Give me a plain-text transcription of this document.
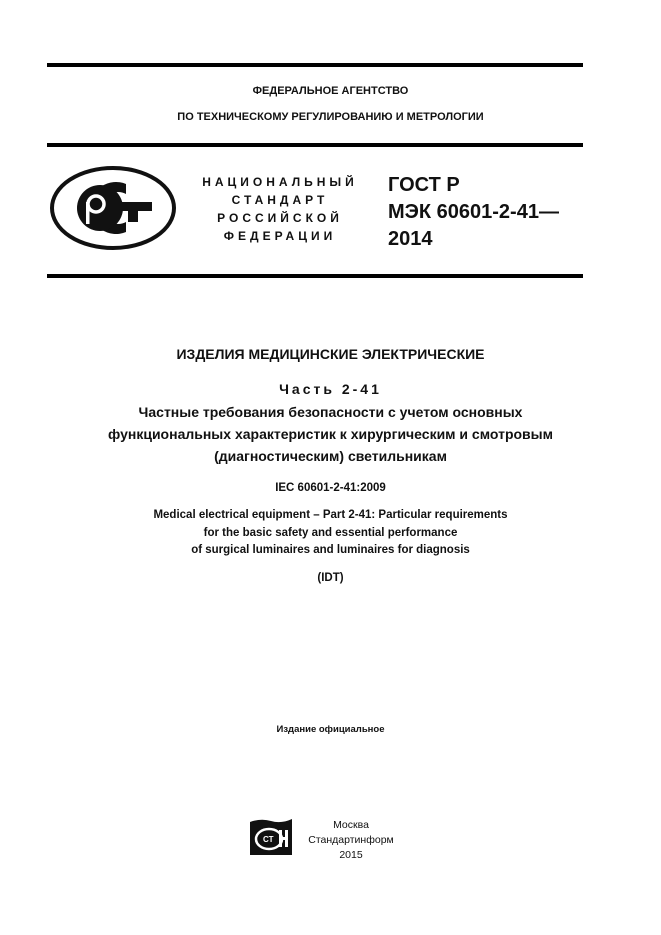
ФЕДЕРАЛЬНОЕ АГЕНТСТВО
ПО ТЕХНИЧЕСКОМУ РЕГУЛИРОВАНИЮ И МЕТРОЛОГИИ
НАЦИОНАЛЬНЫЙ
СТАНДАРТ
РОССИЙСКОЙ
ФЕДЕРАЦИИ
ГОСТ Р
МЭК 60601-2-41—
2014
ИЗДЕЛИЯ МЕДИЦИНСКИЕ ЭЛЕКТРИЧЕСКИЕ
Часть 2-41
Частные требования безопасности с учетом основных
функциональных характеристик к хирургическим и смотровым
(диагностическим) светильникам
IEC 60601-2-41:2009
Medical electrical equipment – Part 2-41: Particular requirements
for the basic safety and essential performance
of surgical luminaires and luminaires for diagnosis
(IDT)
Издание официальное
СТ
Москва
Стандартинформ
2015
